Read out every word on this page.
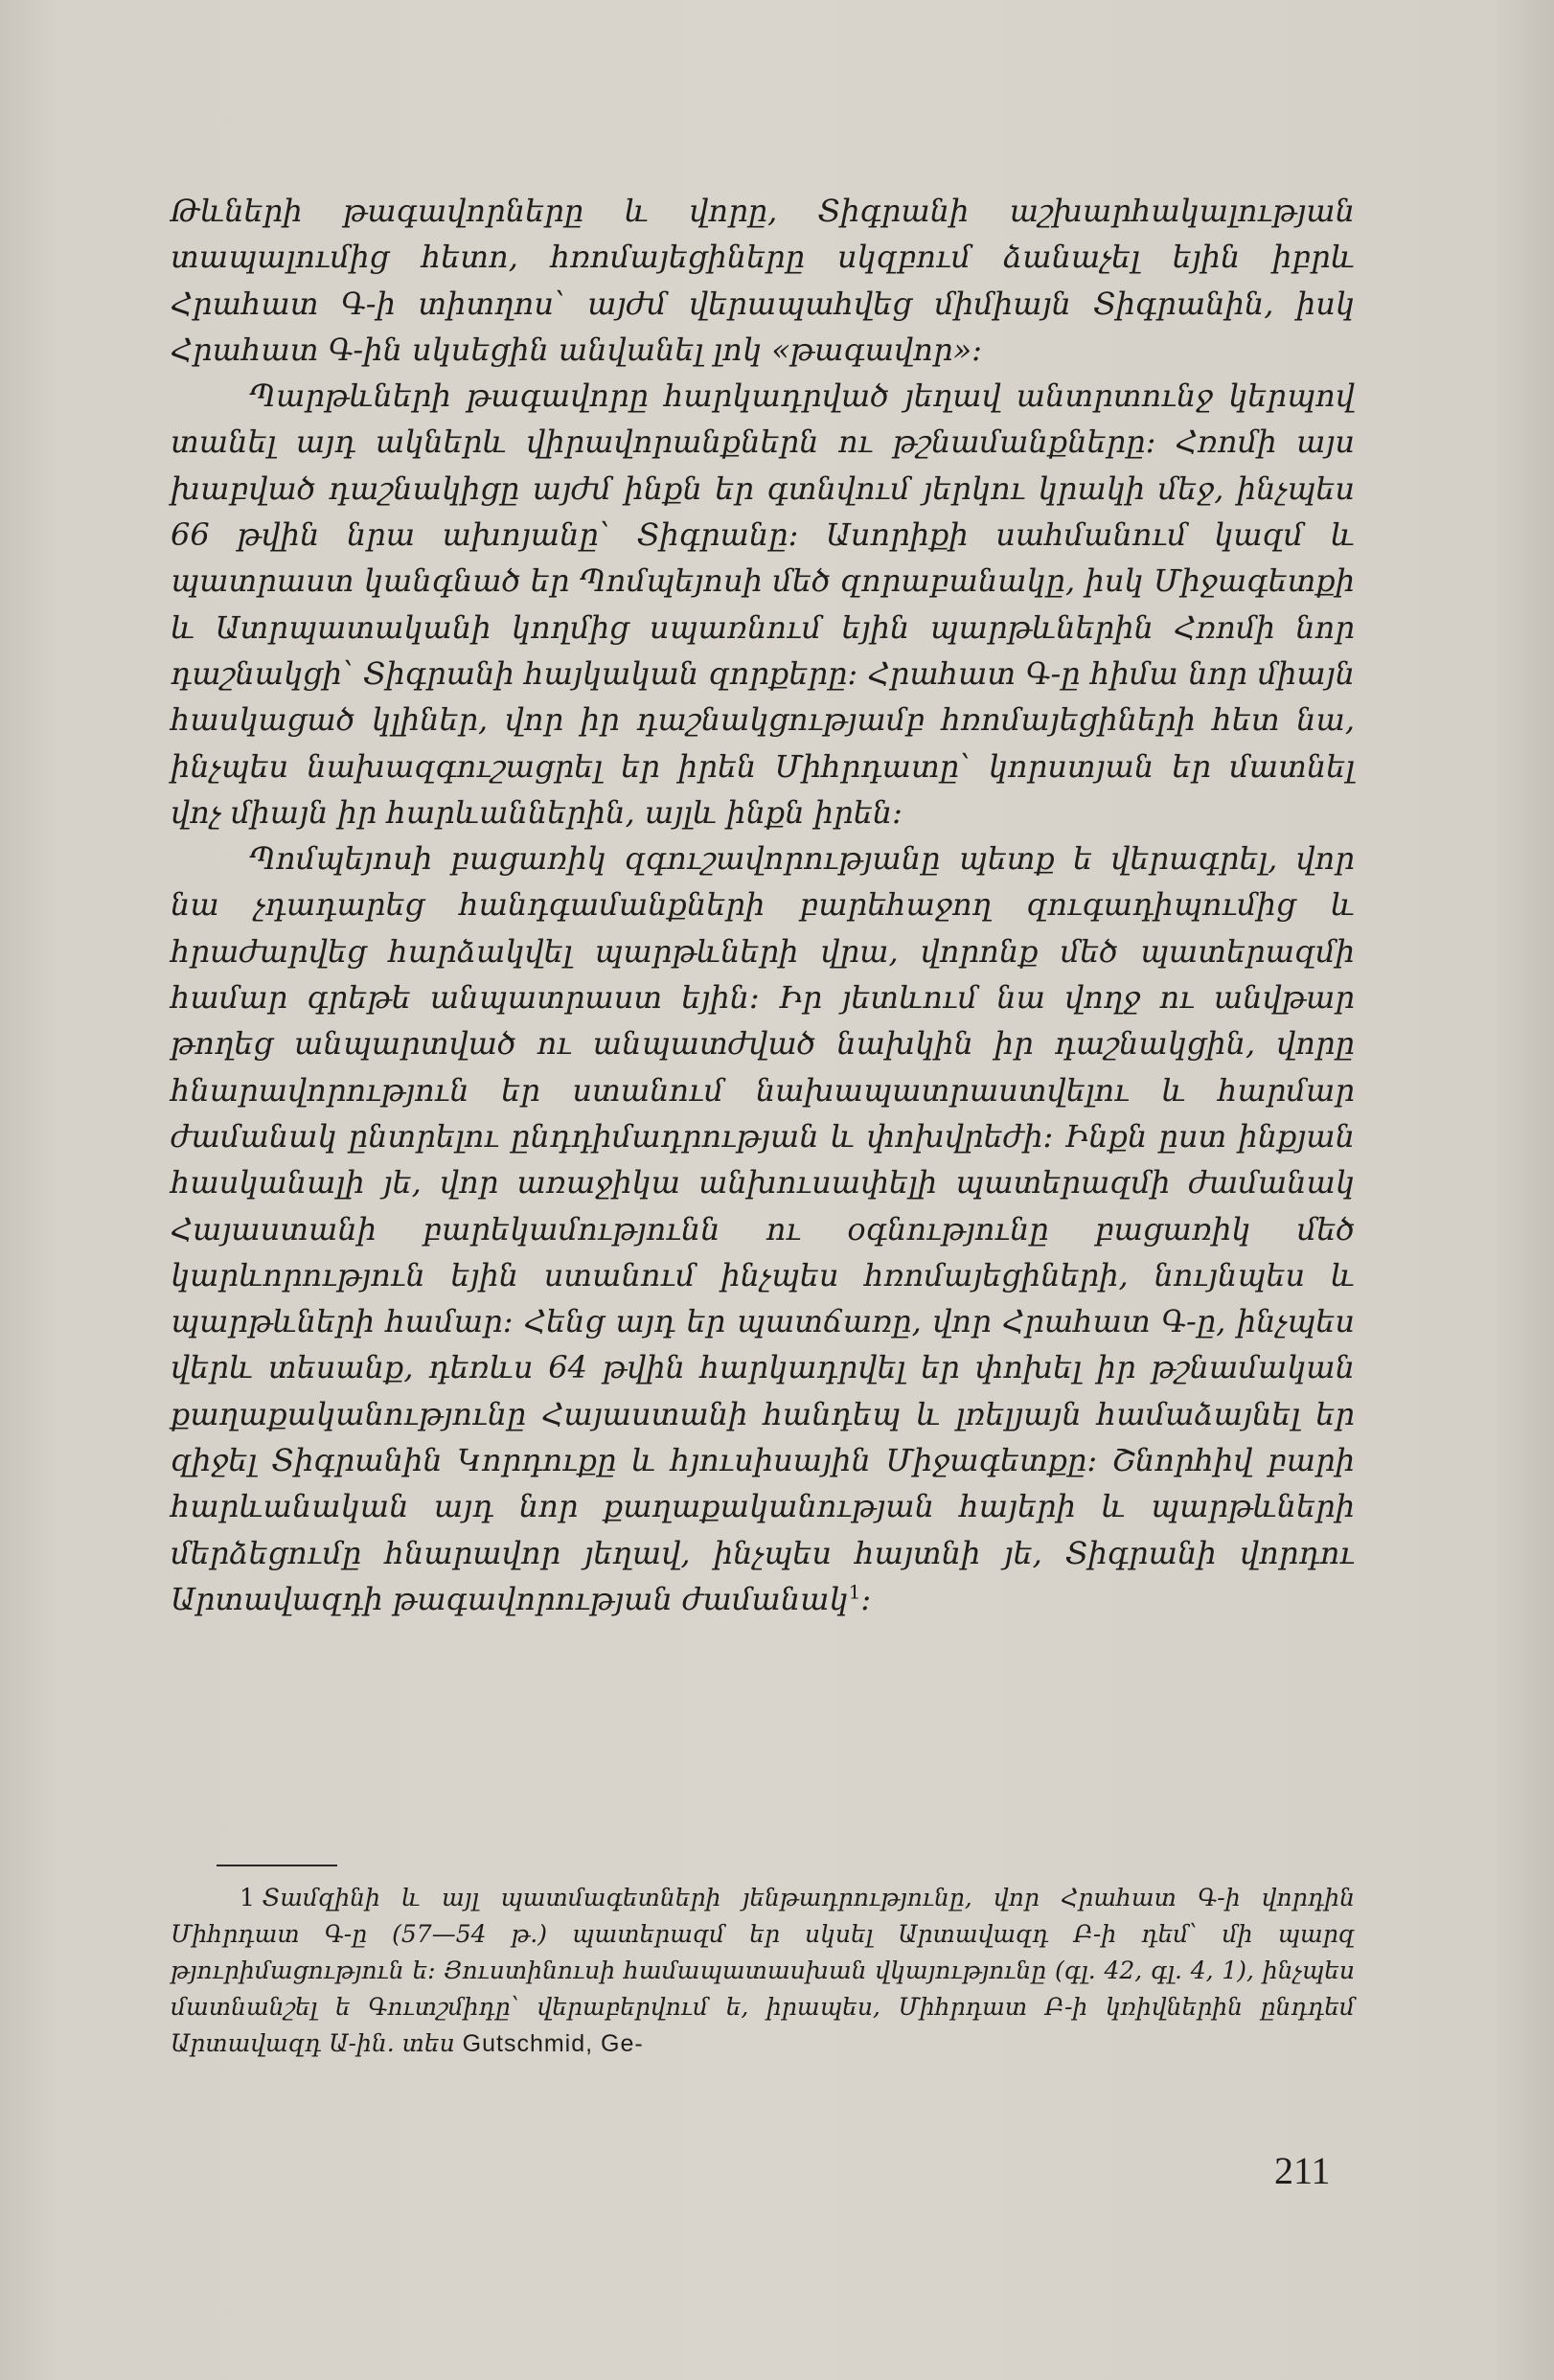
Թևների թագավորները և վորը, Տիգրանի աշխարհակալության տապալումից հետո, հռոմայեցիները սկզբում ձանաչել եյին իբրև Հրահատ Գ-ի տիտղոս՝ այժմ վերապահվեց միմիայն Տիգրանին, իսկ Հրահատ Գ-ին սկսեցին անվանել լոկ «թագավոր»:

Պարթևների թագավորը հարկադրված յեղավ անտրտունջ կերպով տանել այդ ակներև վիրավորանքներն ու թշնամանքները: Հռոմի այս խաբված դաշնակիցը այժմ ինքն եր գտնվում յերկու կրակի մեջ, ինչպես 66 թվին նրա ախոյանը՝ Տիգրանը: Ասորիքի սահմանում կազմ և պատրաստ կանգնած եր Պոմպեյոսի մեծ զորաբանակը, իսկ Միջագետքի և Ատրպատականի կողմից սպառնում եյին պարթևներին Հռոմի նոր դաշնակցի՝ Տիգրանի հայկական զորքերը: Հրահատ Գ-ը հիմա նոր միայն հասկացած կլիներ, վոր իր դաշնակցությամբ հռոմայեցիների հետ նա, ինչպես նախազգուշացրել եր իրեն Միհրդատը՝ կորստյան եր մատնել վոչ միայն իր հարևաններին, այլև ինքն իրեն:

Պոմպեյոսի բացառիկ զգուշավորությանը պետք ե վերագրել, վոր նա չդադարեց հանդգամանքների բարեհաջող զուգադիպումից և հրաժարվեց հարձակվել պարթևների վրա, վորոնք մեծ պատերազմի համար գրեթե անպատրաստ եյին: Իր յետևում նա վողջ ու անվթար թողեց անպարտված ու անպատժված նախկին իր դաշնակցին, վորը հնարավորություն եր ստանում նախապատրաստվելու և հարմար ժամանակ ընտրելու ընդդիմադրության և փոխվրեժի: Ինքն ըստ ինքյան հասկանալի յե, վոր առաջիկա անխուսափելի պատերազմի ժամանակ Հայաստանի բարեկամությունն ու օգնությունը բացառիկ մեծ կարևորություն եյին ստանում ինչպես հռոմայեցիների, նույնպես և պարթևների համար: Հենց այդ եր պատճառը, վոր Հրահատ Գ-ը, ինչպես վերև տեսանք, դեռևս 64 թվին հարկադրվել եր փոխել իր թշնամական քաղաքականությունը Հայաստանի հանդեպ և լռելյայն համաձայնել եր զիջել Տիգրանին Կորդուքը և հյուսիսային Միջագետքը: Շնորհիվ բարի հարևանական այդ նոր քաղաքականության հայերի և պարթևների մերձեցումը հնարավոր յեղավ, ինչպես հայտնի յե, Տիգրանի վորդու Արտավազդի թագավորության ժամանակ$^1$:

1 Տամզինի և այլ պատմագետների յենթադրությունը, վոր Հրահատ Գ-ի վորդին Միհրդատ Գ-ը (57—54 թ.) պատերազմ եր սկսել Արտավազդ Բ-ի դեմ՝ մի պարզ թյուրիմացություն ե: Յուստինուսի համապատասխան վկայությունը (գլ. 42, գլ. 4, 1), ինչպես մատնանշել ե Գուտշմիդը՝ վերաբերվում ե, իրապես, Միհրդատ Բ-ի կռիվներին ընդդեմ Արտավազդ Ա-ին. տես Gutschmid, Ge-
211
